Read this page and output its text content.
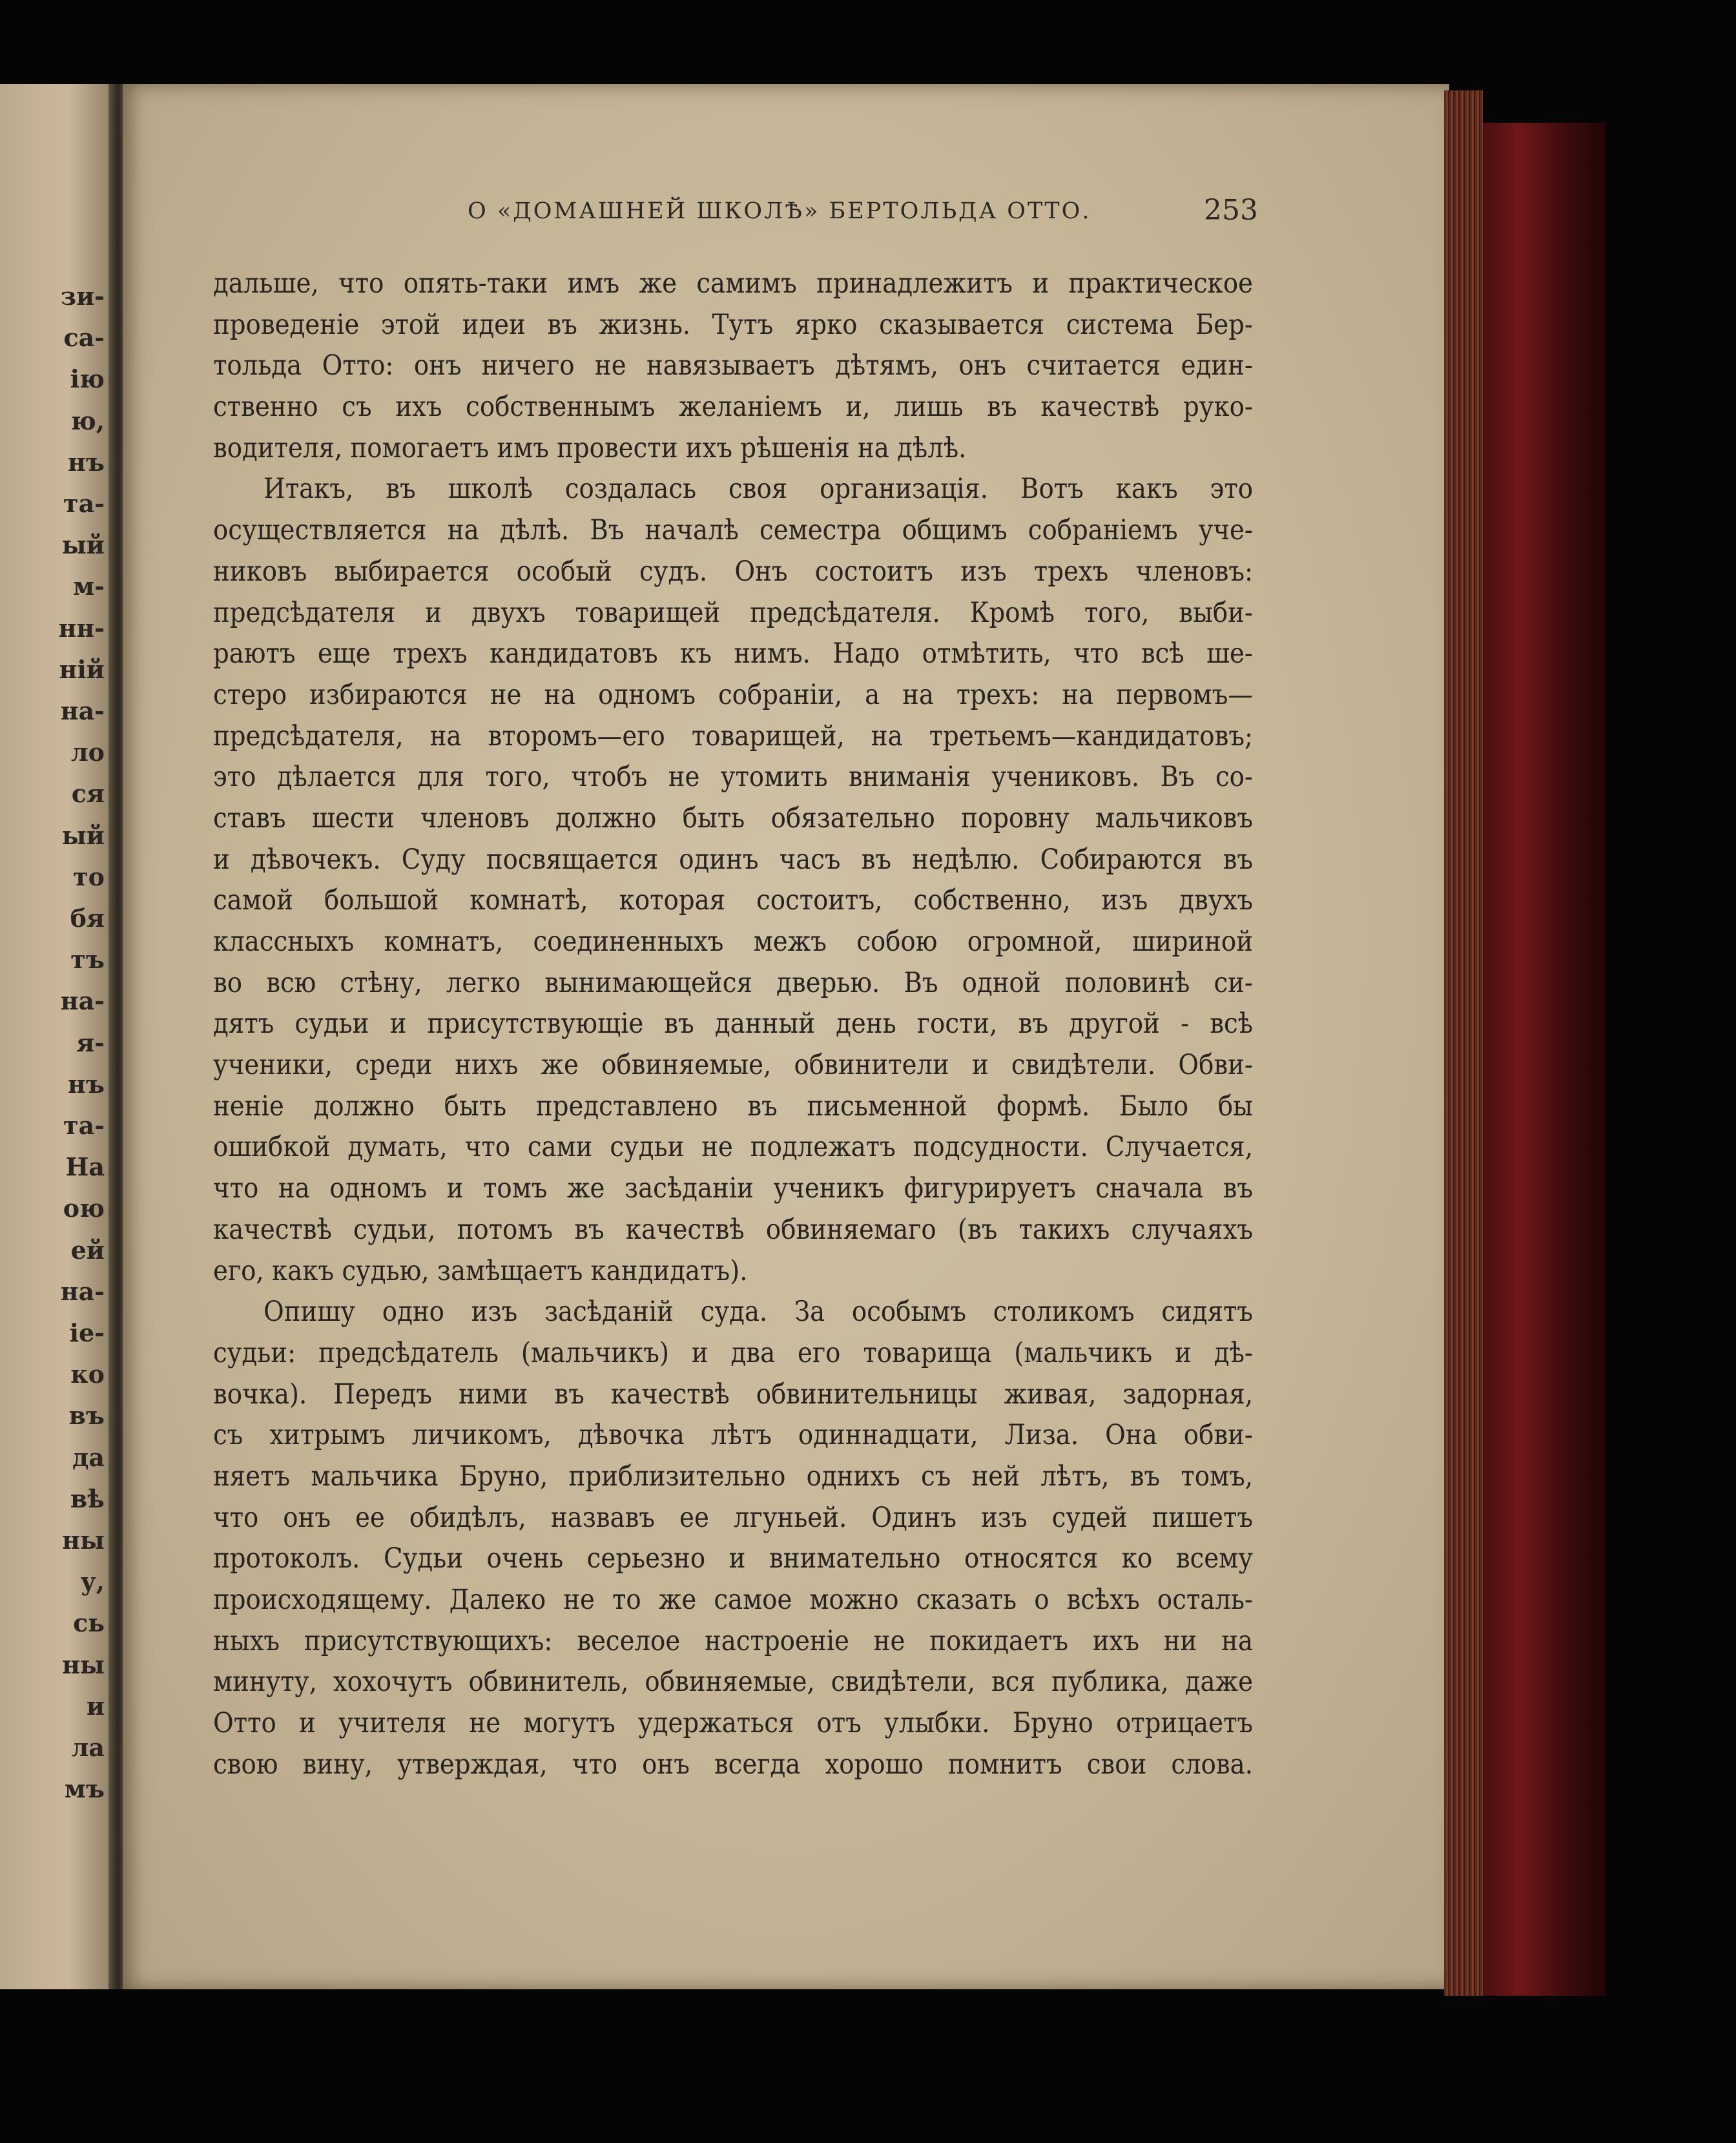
зи-
са-
ію
ю,
нъ
та-
ый
м-
нн-
ній
на-
ло
ся
ый
то
бя
тъ
на-
я-
нъ
та-
На
ою
ей
на-
ie-
ко
въ
да
вѣ
ны
у,
сь
ны
и
ла
мъ
О «ДОМАШНЕЙ ШКОЛѢ» БЕРТОЛЬДА ОТТО.	253
дальше, что опять-таки имъ же самимъ принадлежитъ и практическое
проведеніе этой идеи въ жизнь. Тутъ ярко сказывается система Бер-
тольда Отто: онъ ничего не навязываетъ дѣтямъ, онъ считается един-
ственно съ ихъ собственнымъ желаніемъ и, лишь въ качествѣ руко-
водителя, помогаетъ имъ провести ихъ рѣшенія на дѣлѣ.
Итакъ, въ школѣ создалась своя организація. Вотъ какъ это
осуществляется на дѣлѣ. Въ началѣ семестра общимъ собраніемъ уче-
никовъ выбирается особый судъ. Онъ состоитъ изъ трехъ членовъ:
предсѣдателя и двухъ товарищей предсѣдателя. Кромѣ того, выби-
раютъ еще трехъ кандидатовъ къ нимъ. Надо отмѣтить, что всѣ ше-
стеро избираются не на одномъ собраніи, а на трехъ: на первомъ—
предсѣдателя, на второмъ—его товарищей, на третьемъ—кандидатовъ;
это дѣлается для того, чтобъ не утомить вниманія учениковъ. Въ со-
ставъ шести членовъ должно быть обязательно поровну мальчиковъ
и дѣвочекъ. Суду посвящается одинъ часъ въ недѣлю. Собираются въ
самой большой комнатѣ, которая состоитъ, собственно, изъ двухъ
классныхъ комнатъ, соединенныхъ межъ собою огромной, шириной
во всю стѣну, легко вынимающейся дверью. Въ одной половинѣ си-
дятъ судьи и присутствующіе въ данный день гости, въ другой - всѣ
ученики, среди нихъ же обвиняемые, обвинители и свидѣтели. Обви-
неніе должно быть представлено въ письменной формѣ. Было бы
ошибкой думать, что сами судьи не подлежатъ подсудности. Случается,
что на одномъ и томъ же засѣданіи ученикъ фигурируетъ сначала въ
качествѣ судьи, потомъ въ качествѣ обвиняемаго (въ такихъ случаяхъ
его, какъ судью, замѣщаетъ кандидатъ).
Опишу одно изъ засѣданій суда. За особымъ столикомъ сидятъ
судьи: предсѣдатель (мальчикъ) и два его товарища (мальчикъ и дѣ-
вочка). Передъ ними въ качествѣ обвинительницы живая, задорная,
съ хитрымъ личикомъ, дѣвочка лѣтъ одиннадцати, Лиза. Она обви-
няетъ мальчика Бруно, приблизительно однихъ съ ней лѣтъ, въ томъ,
что онъ ее обидѣлъ, назвавъ ее лгуньей. Одинъ изъ судей пишетъ
протоколъ. Судьи очень серьезно и внимательно относятся ко всему
происходящему. Далеко не то же самое можно сказать о всѣхъ осталь-
ныхъ присутствующихъ: веселое настроеніе не покидаетъ ихъ ни на
минуту, хохочутъ обвинитель, обвиняемые, свидѣтели, вся публика, даже
Отто и учителя не могутъ удержаться отъ улыбки. Бруно отрицаетъ
свою вину, утверждая, что онъ всегда хорошо помнитъ свои слова.
